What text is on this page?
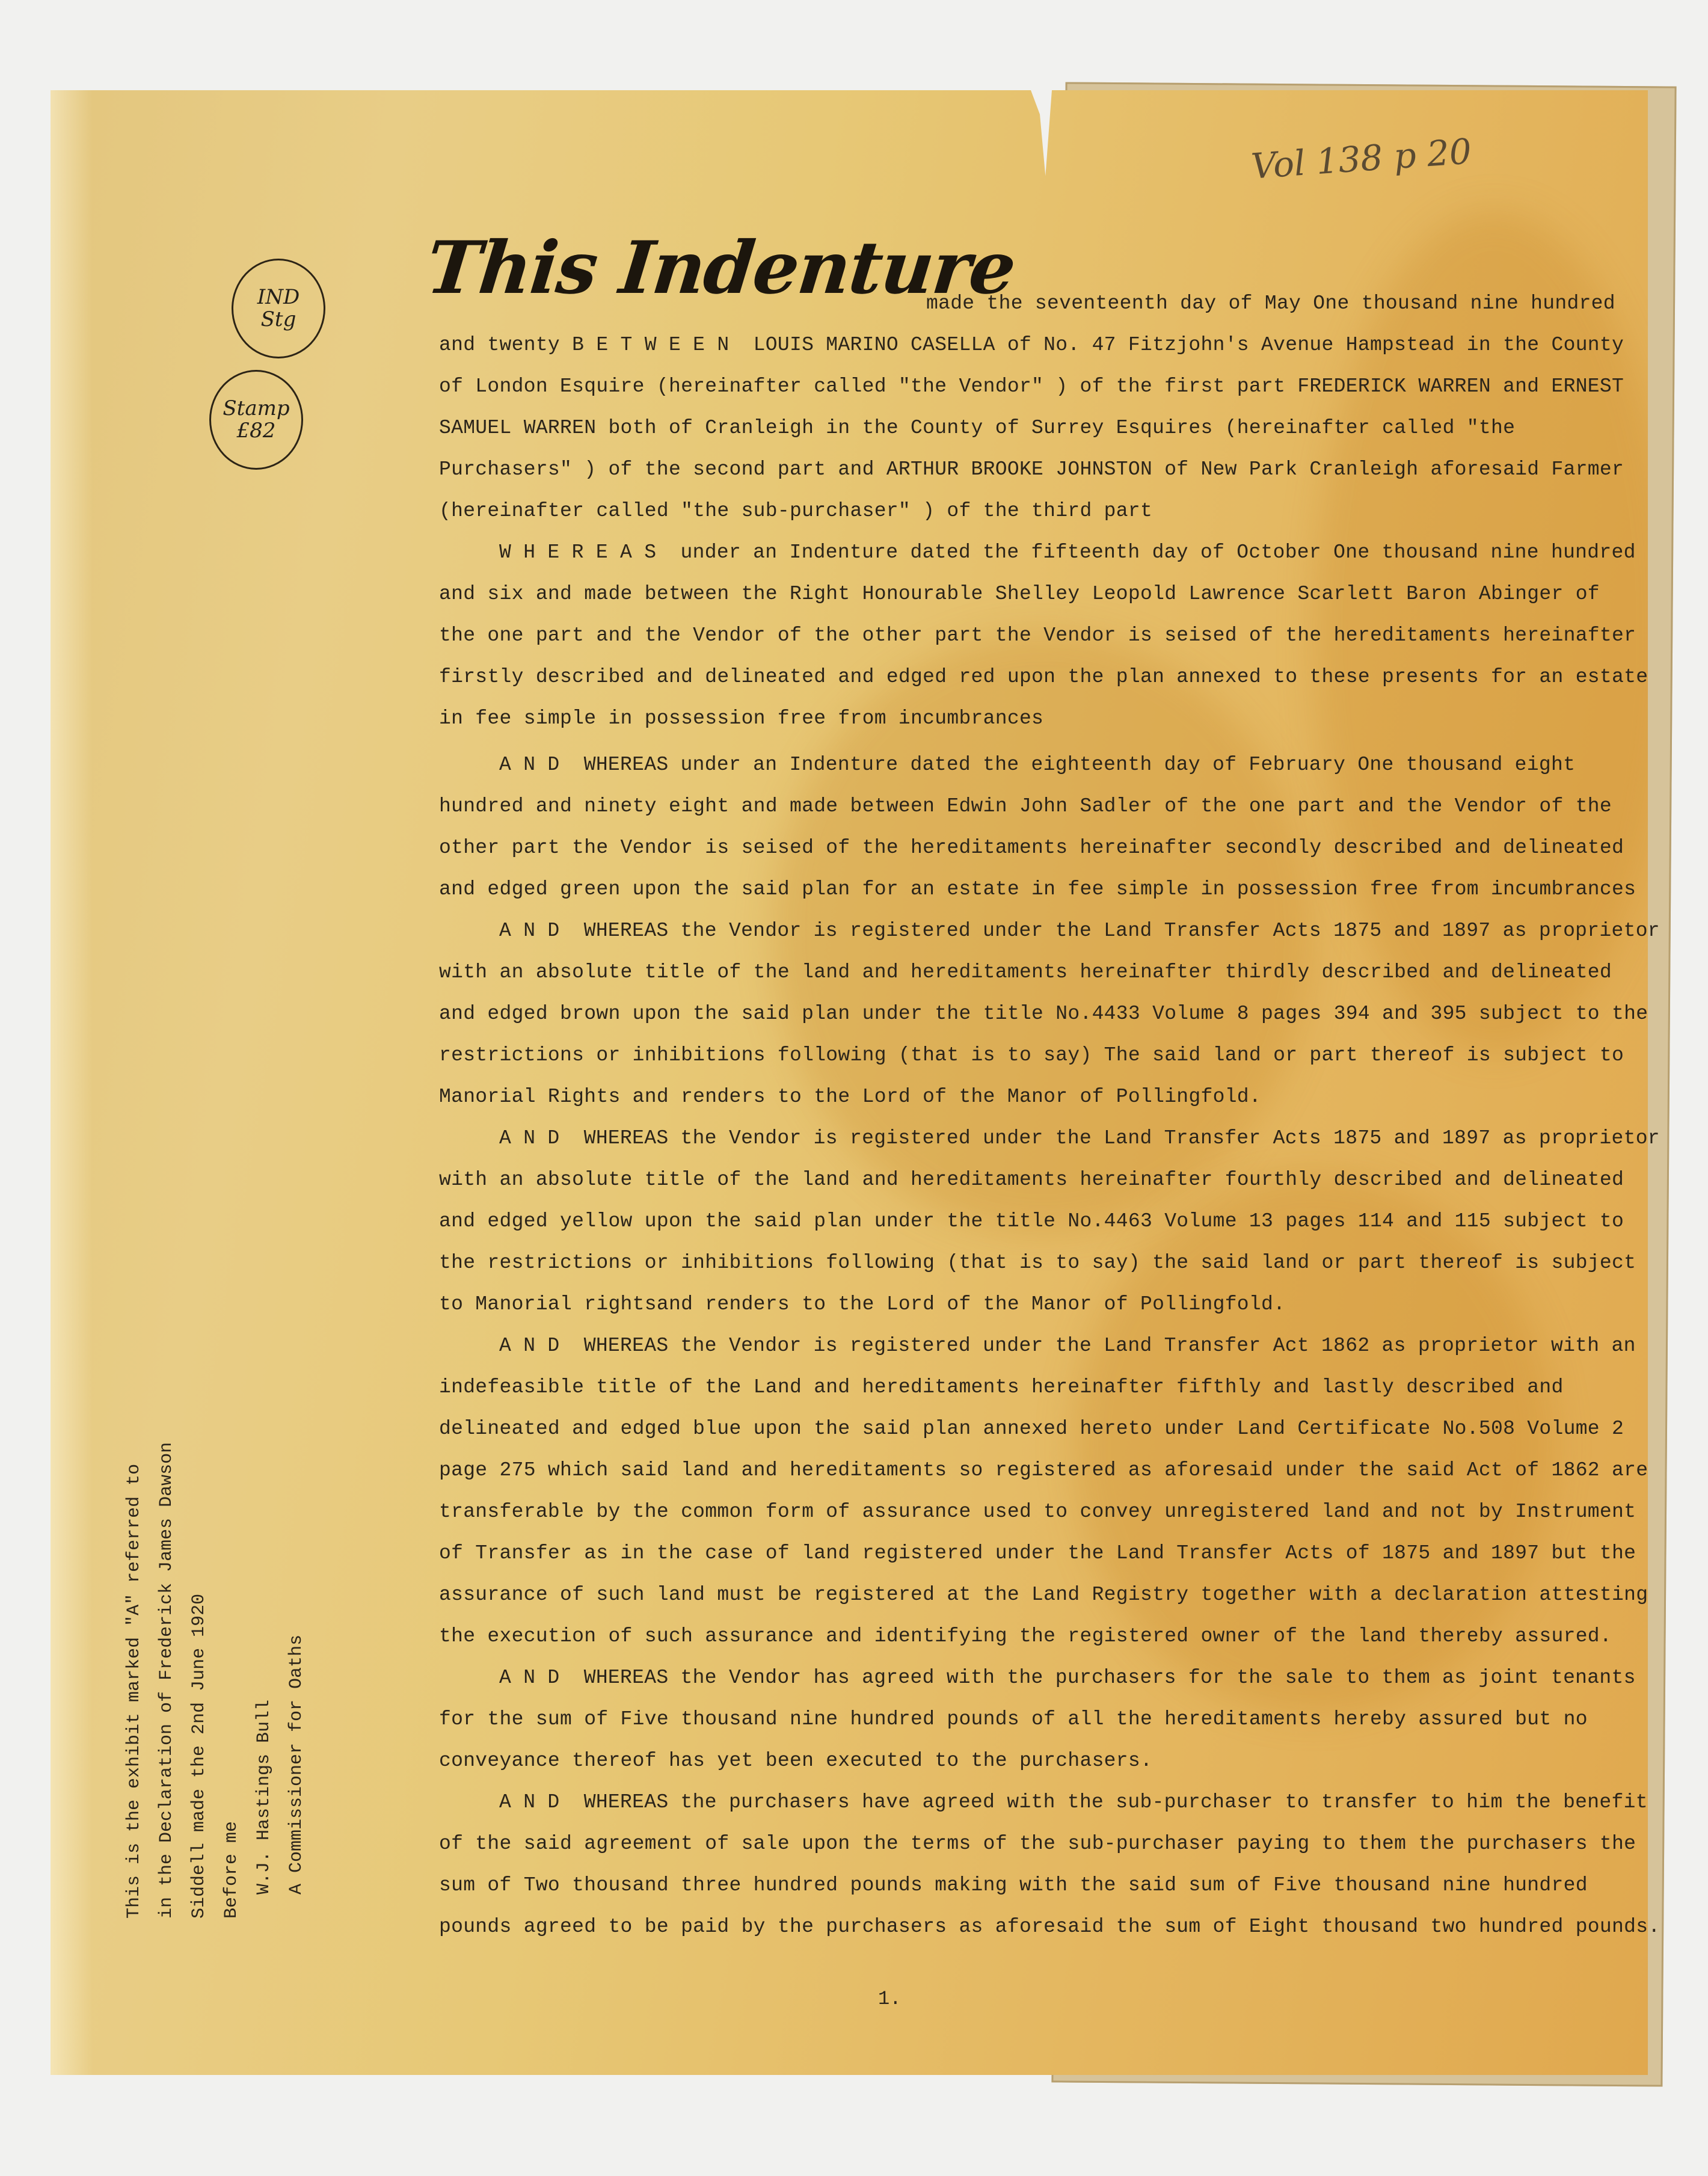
Vol 138 p 20
IND
Stg
Stamp
£82
This Indenture
made the seventeenth day of May One thousand nine hundred
and twenty B E T W E E N  LOUIS MARINO CASELLA of No. 47 Fitzjohn's Avenue Hampstead in the County
of London Esquire (hereinafter called "the Vendor" ) of the first part FREDERICK WARREN and ERNEST
SAMUEL WARREN both of Cranleigh in the County of Surrey Esquires (hereinafter called "the
Purchasers" ) of the second part and ARTHUR BROOKE JOHNSTON of New Park Cranleigh aforesaid Farmer
(hereinafter called "the sub-purchaser" ) of the third part
W H E R E A S  under an Indenture dated the fifteenth day of October One thousand nine hundred
and six and made between the Right Honourable Shelley Leopold Lawrence Scarlett Baron Abinger of
the one part and the Vendor of the other part the Vendor is seised of the hereditaments hereinafter
firstly described and delineated and edged red upon the plan annexed to these presents for an estate
in fee simple in possession free from incumbrances
A N D  WHEREAS under an Indenture dated the eighteenth day of February One thousand eight
hundred and ninety eight and made between Edwin John Sadler of the one part and the Vendor of the
other part the Vendor is seised of the hereditaments hereinafter secondly described and delineated
and edged green upon the said plan for an estate in fee simple in possession free from incumbrances
A N D  WHEREAS the Vendor is registered under the Land Transfer Acts 1875 and 1897 as proprietor
with an absolute title of the land and hereditaments hereinafter thirdly described and delineated
and edged brown upon the said plan under the title No.4433 Volume 8 pages 394 and 395 subject to the
restrictions or inhibitions following (that is to say) The said land or part thereof is subject to
Manorial Rights and renders to the Lord of the Manor of Pollingfold.
A N D  WHEREAS the Vendor is registered under the Land Transfer Acts 1875 and 1897 as proprietor
with an absolute title of the land and hereditaments hereinafter fourthly described and delineated
and edged yellow upon the said plan under the title No.4463 Volume 13 pages 114 and 115 subject to
the restrictions or inhibitions following (that is to say) the said land or part thereof is subject
to Manorial rightsand renders to the Lord of the Manor of Pollingfold.
A N D  WHEREAS the Vendor is registered under the Land Transfer Act 1862 as proprietor with an
indefeasible title of the Land and hereditaments hereinafter fifthly and lastly described and
delineated and edged blue upon the said plan annexed hereto under Land Certificate No.508 Volume 2
page 275 which said land and hereditaments so registered as aforesaid under the said Act of 1862 are
transferable by the common form of assurance used to convey unregistered land and not by Instrument
of Transfer as in the case of land registered under the Land Transfer Acts of 1875 and 1897 but the
assurance of such land must be registered at the Land Registry together with a declaration attesting
the execution of such assurance and identifying the registered owner of the land thereby assured.
A N D  WHEREAS the Vendor has agreed with the purchasers for the sale to them as joint tenants
for the sum of Five thousand nine hundred pounds of all the hereditaments hereby assured but no
conveyance thereof has yet been executed to the purchasers.
A N D  WHEREAS the purchasers have agreed with the sub-purchaser to transfer to him the benefit
of the said agreement of sale upon the terms of the sub-purchaser paying to them the purchasers the
sum of Two thousand three hundred pounds making with the said sum of Five thousand nine hundred
pounds agreed to be paid by the purchasers as aforesaid the sum of Eight thousand two hundred pounds.
1.
This is the exhibit marked "A" referred to in the Declaration of Frederick James Dawson Siddell made the 2nd June 1920 Before me W.J. Hastings Bull A Commissioner for Oaths
